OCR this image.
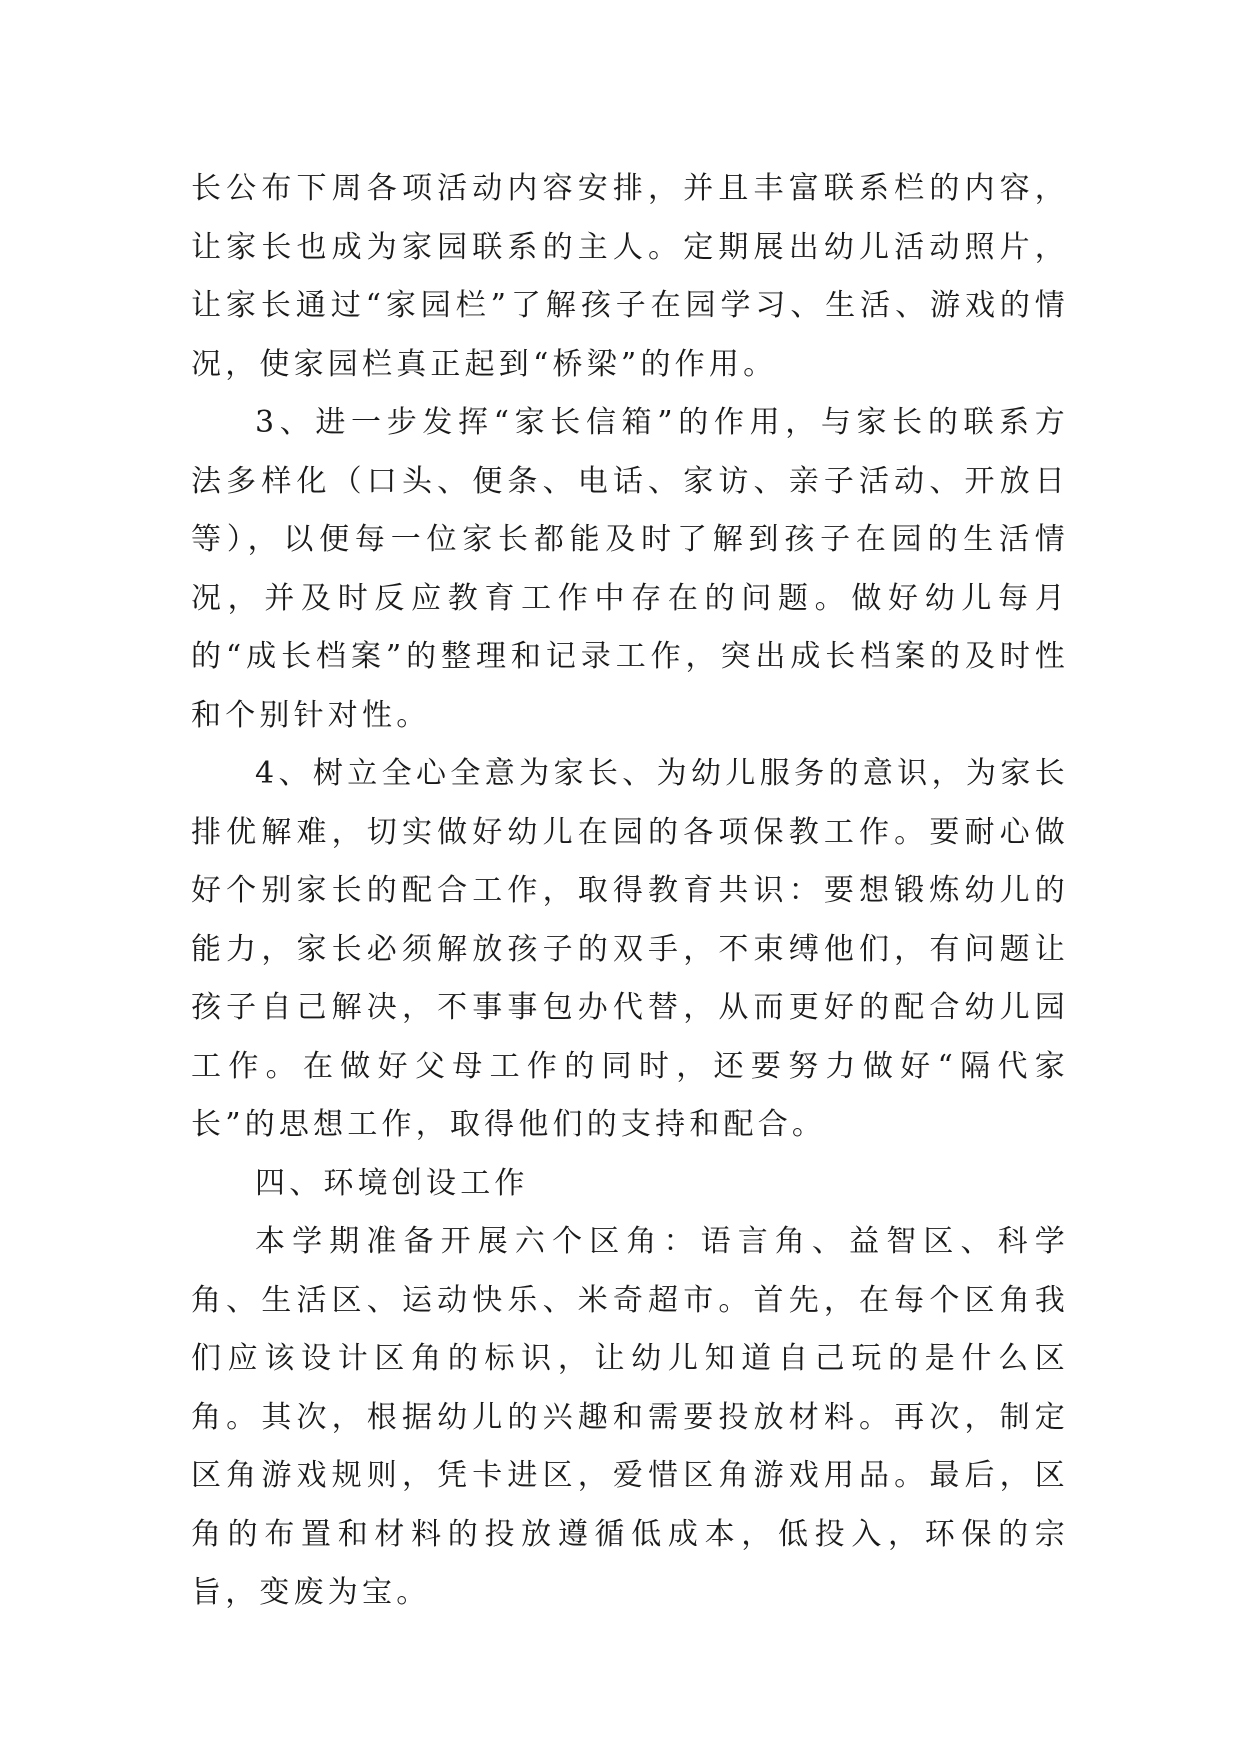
长公布下周各项活动内容安排，并且丰富联系栏的内容，让家长也成为家园联系的主人。定期展出幼儿活动照片，让家长通过“家园栏”了解孩子在园学习、生活、游戏的情况，使家园栏真正起到“桥梁”的作用。

3、进一步发挥“家长信箱”的作用，与家长的联系方法多样化（口头、便条、电话、家访、亲子活动、开放日等），以便每一位家长都能及时了解到孩子在园的生活情况，并及时反应教育工作中存在的问题。做好幼儿每月的“成长档案”的整理和记录工作，突出成长档案的及时性和个别针对性。

4、树立全心全意为家长、为幼儿服务的意识，为家长排优解难，切实做好幼儿在园的各项保教工作。要耐心做好个别家长的配合工作，取得教育共识：要想锻炼幼儿的能力，家长必须解放孩子的双手，不束缚他们，有问题让孩子自己解决，不事事包办代替，从而更好的配合幼儿园工作。在做好父母工作的同时，还要努力做好“隔代家长”的思想工作，取得他们的支持和配合。

四、环境创设工作

本学期准备开展六个区角：语言角、益智区、科学角、生活区、运动快乐、米奇超市。首先，在每个区角我们应该设计区角的标识，让幼儿知道自己玩的是什么区角。其次，根据幼儿的兴趣和需要投放材料。再次，制定区角游戏规则，凭卡进区，爱惜区角游戏用品。最后，区角的布置和材料的投放遵循低成本，低投入，环保的宗旨，变废为宝。
